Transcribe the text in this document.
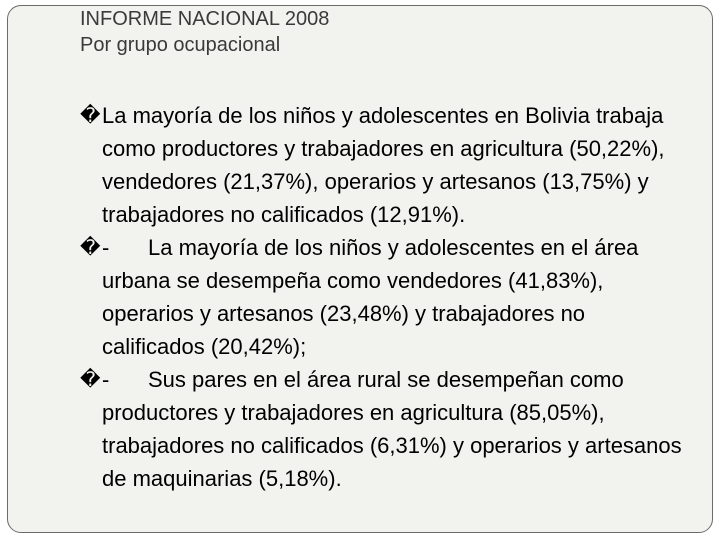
INFORME NACIONAL 2008
Por grupo ocupacional
� La mayoría de los niños y adolescentes en Bolivia trabaja como productores y trabajadores en agricultura (50,22%), vendedores (21,37%), operarios y artesanos (13,75%) y trabajadores no calificados (12,91%).
� - La mayoría de los niños y adolescentes en el área urbana se desempeña como vendedores (41,83%), operarios y artesanos (23,48%) y trabajadores no calificados (20,42%);
� - Sus pares en el área rural se desempeñan como productores y trabajadores en agricultura (85,05%), trabajadores no calificados (6,31%) y operarios y artesanos de maquinarias (5,18%).
